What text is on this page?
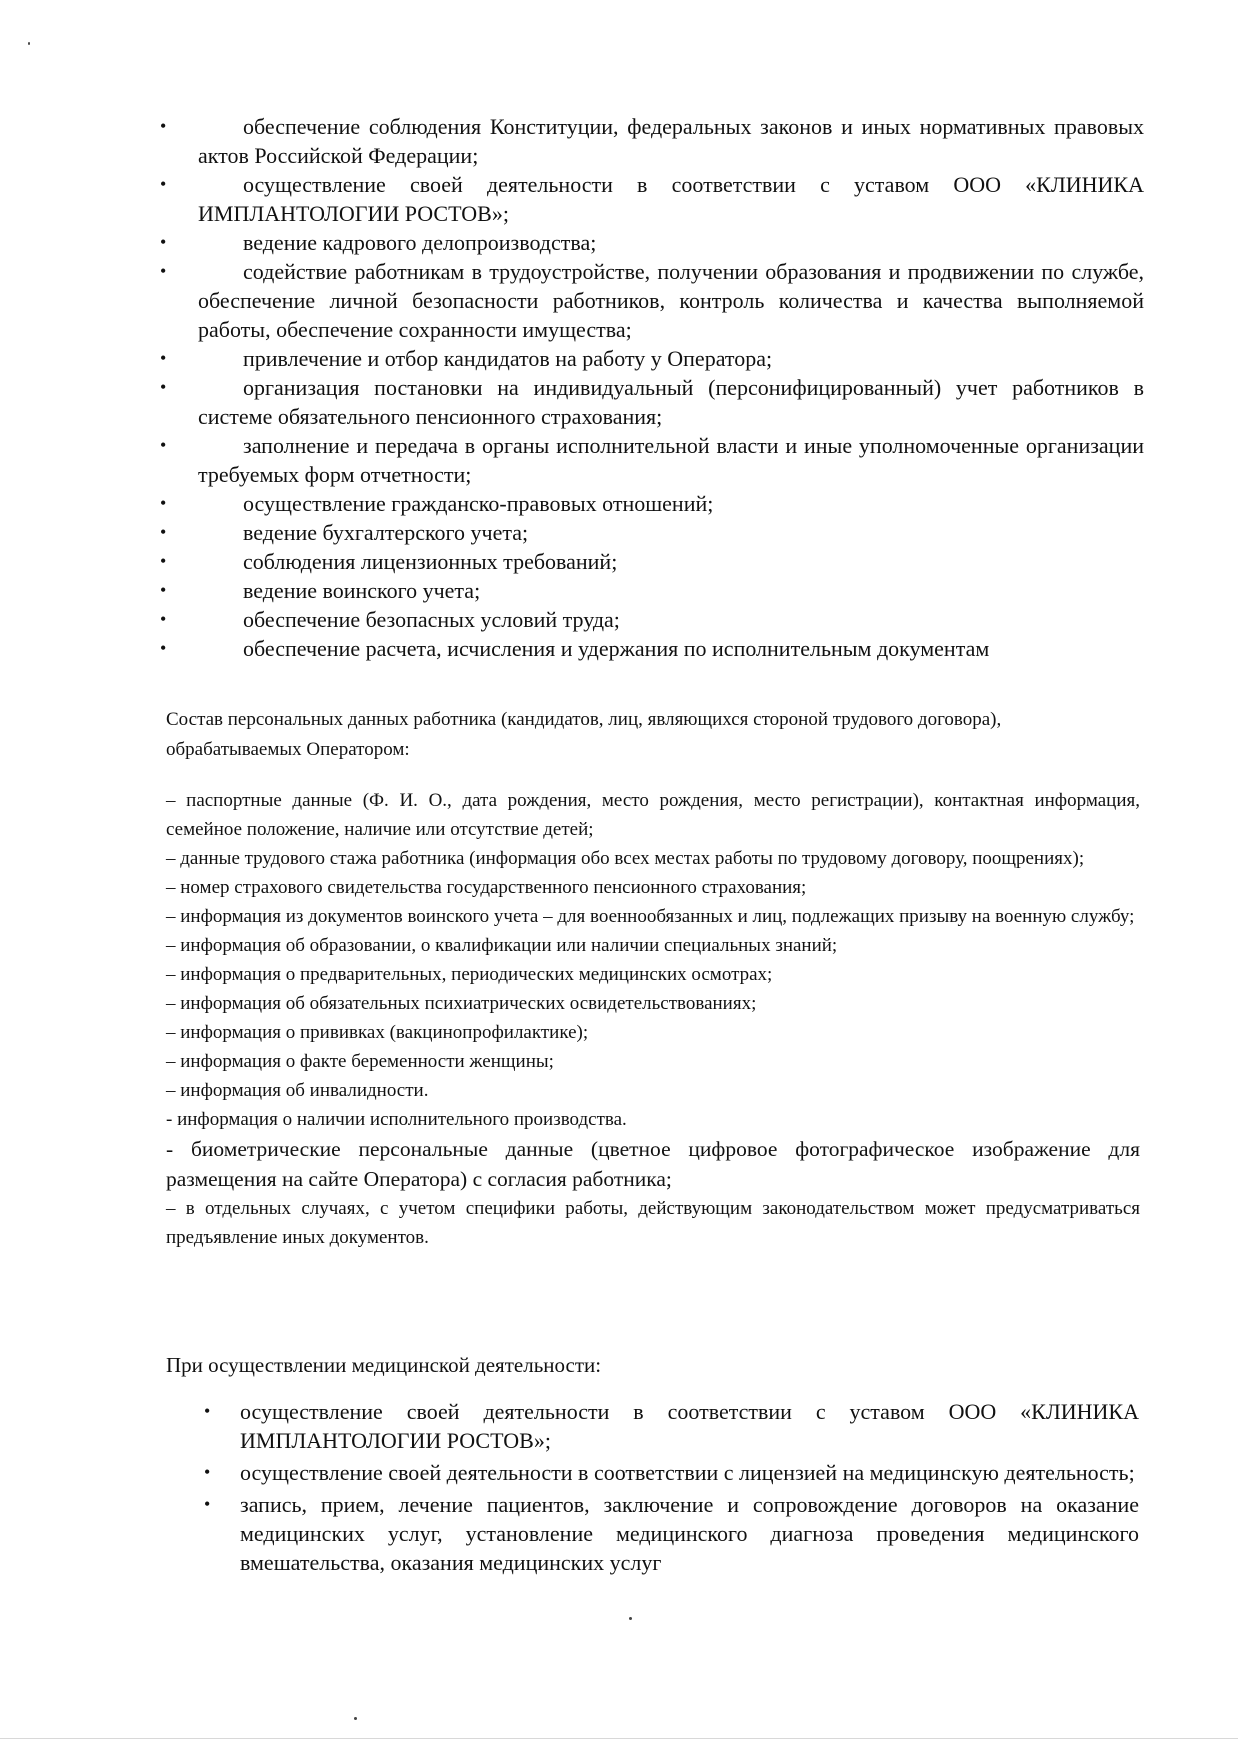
•	обеспечение соблюдения Конституции, федеральных законов и иных нормативных правовых актов Российской Федерации;
•	осуществление своей деятельности в соответствии с уставом ООО «КЛИНИКА ИМПЛАНТОЛОГИИ РОСТОВ»;
•	ведение кадрового делопроизводства;
•	содействие работникам в трудоустройстве, получении образования и продвижении по службе, обеспечение личной безопасности работников, контроль количества и качества выполняемой работы, обеспечение сохранности имущества;
•	привлечение и отбор кандидатов на работу у Оператора;
•	организация постановки на индивидуальный (персонифицированный) учет работников в системе обязательного пенсионного страхования;
•	заполнение и передача в органы исполнительной власти и иные уполномоченные организации требуемых форм отчетности;
•	осуществление гражданско-правовых отношений;
•	ведение бухгалтерского учета;
•	соблюдения лицензионных требований;
•	ведение воинского учета;
•	обеспечение безопасных условий труда;
•	обеспечение расчета, исчисления и удержания по исполнительным документам

Состав персональных данных работника (кандидатов, лиц, являющихся стороной трудового договора), обрабатываемых Оператором:

– паспортные данные (Ф. И. О., дата рождения, место рождения, место регистрации), контактная информация, семейное положение, наличие или отсутствие детей;
– данные трудового стажа работника (информация обо всех местах работы по трудовому договору, поощрениях);
– номер страхового свидетельства государственного пенсионного страхования;
– информация из документов воинского учета – для военнообязанных и лиц, подлежащих призыву на военную службу;
– информация об образовании, о квалификации или наличии специальных знаний;
– информация о предварительных, периодических медицинских осмотрах;
– информация об обязательных психиатрических освидетельствованиях;
– информация о прививках (вакцинопрофилактике);
– информация о факте беременности женщины;
– информация об инвалидности.
- информация о наличии исполнительного производства.
- биометрические персональные данные (цветное цифровое фотографическое изображение для размещения на сайте Оператора) с согласия работника;
– в отдельных случаях, с учетом специфики работы, действующим законодательством может предусматриваться предъявление иных документов.

При осуществлении медицинской деятельности:

• осуществление своей деятельности в соответствии с уставом ООО «КЛИНИКА ИМПЛАНТОЛОГИИ РОСТОВ»;
• осуществление своей деятельности в соответствии с лицензией на медицинскую деятельность;
• запись, прием, лечение пациентов, заключение и сопровождение договоров на оказание медицинских услуг, установление медицинского диагноза проведения медицинского вмешательства, оказания медицинских услуг
